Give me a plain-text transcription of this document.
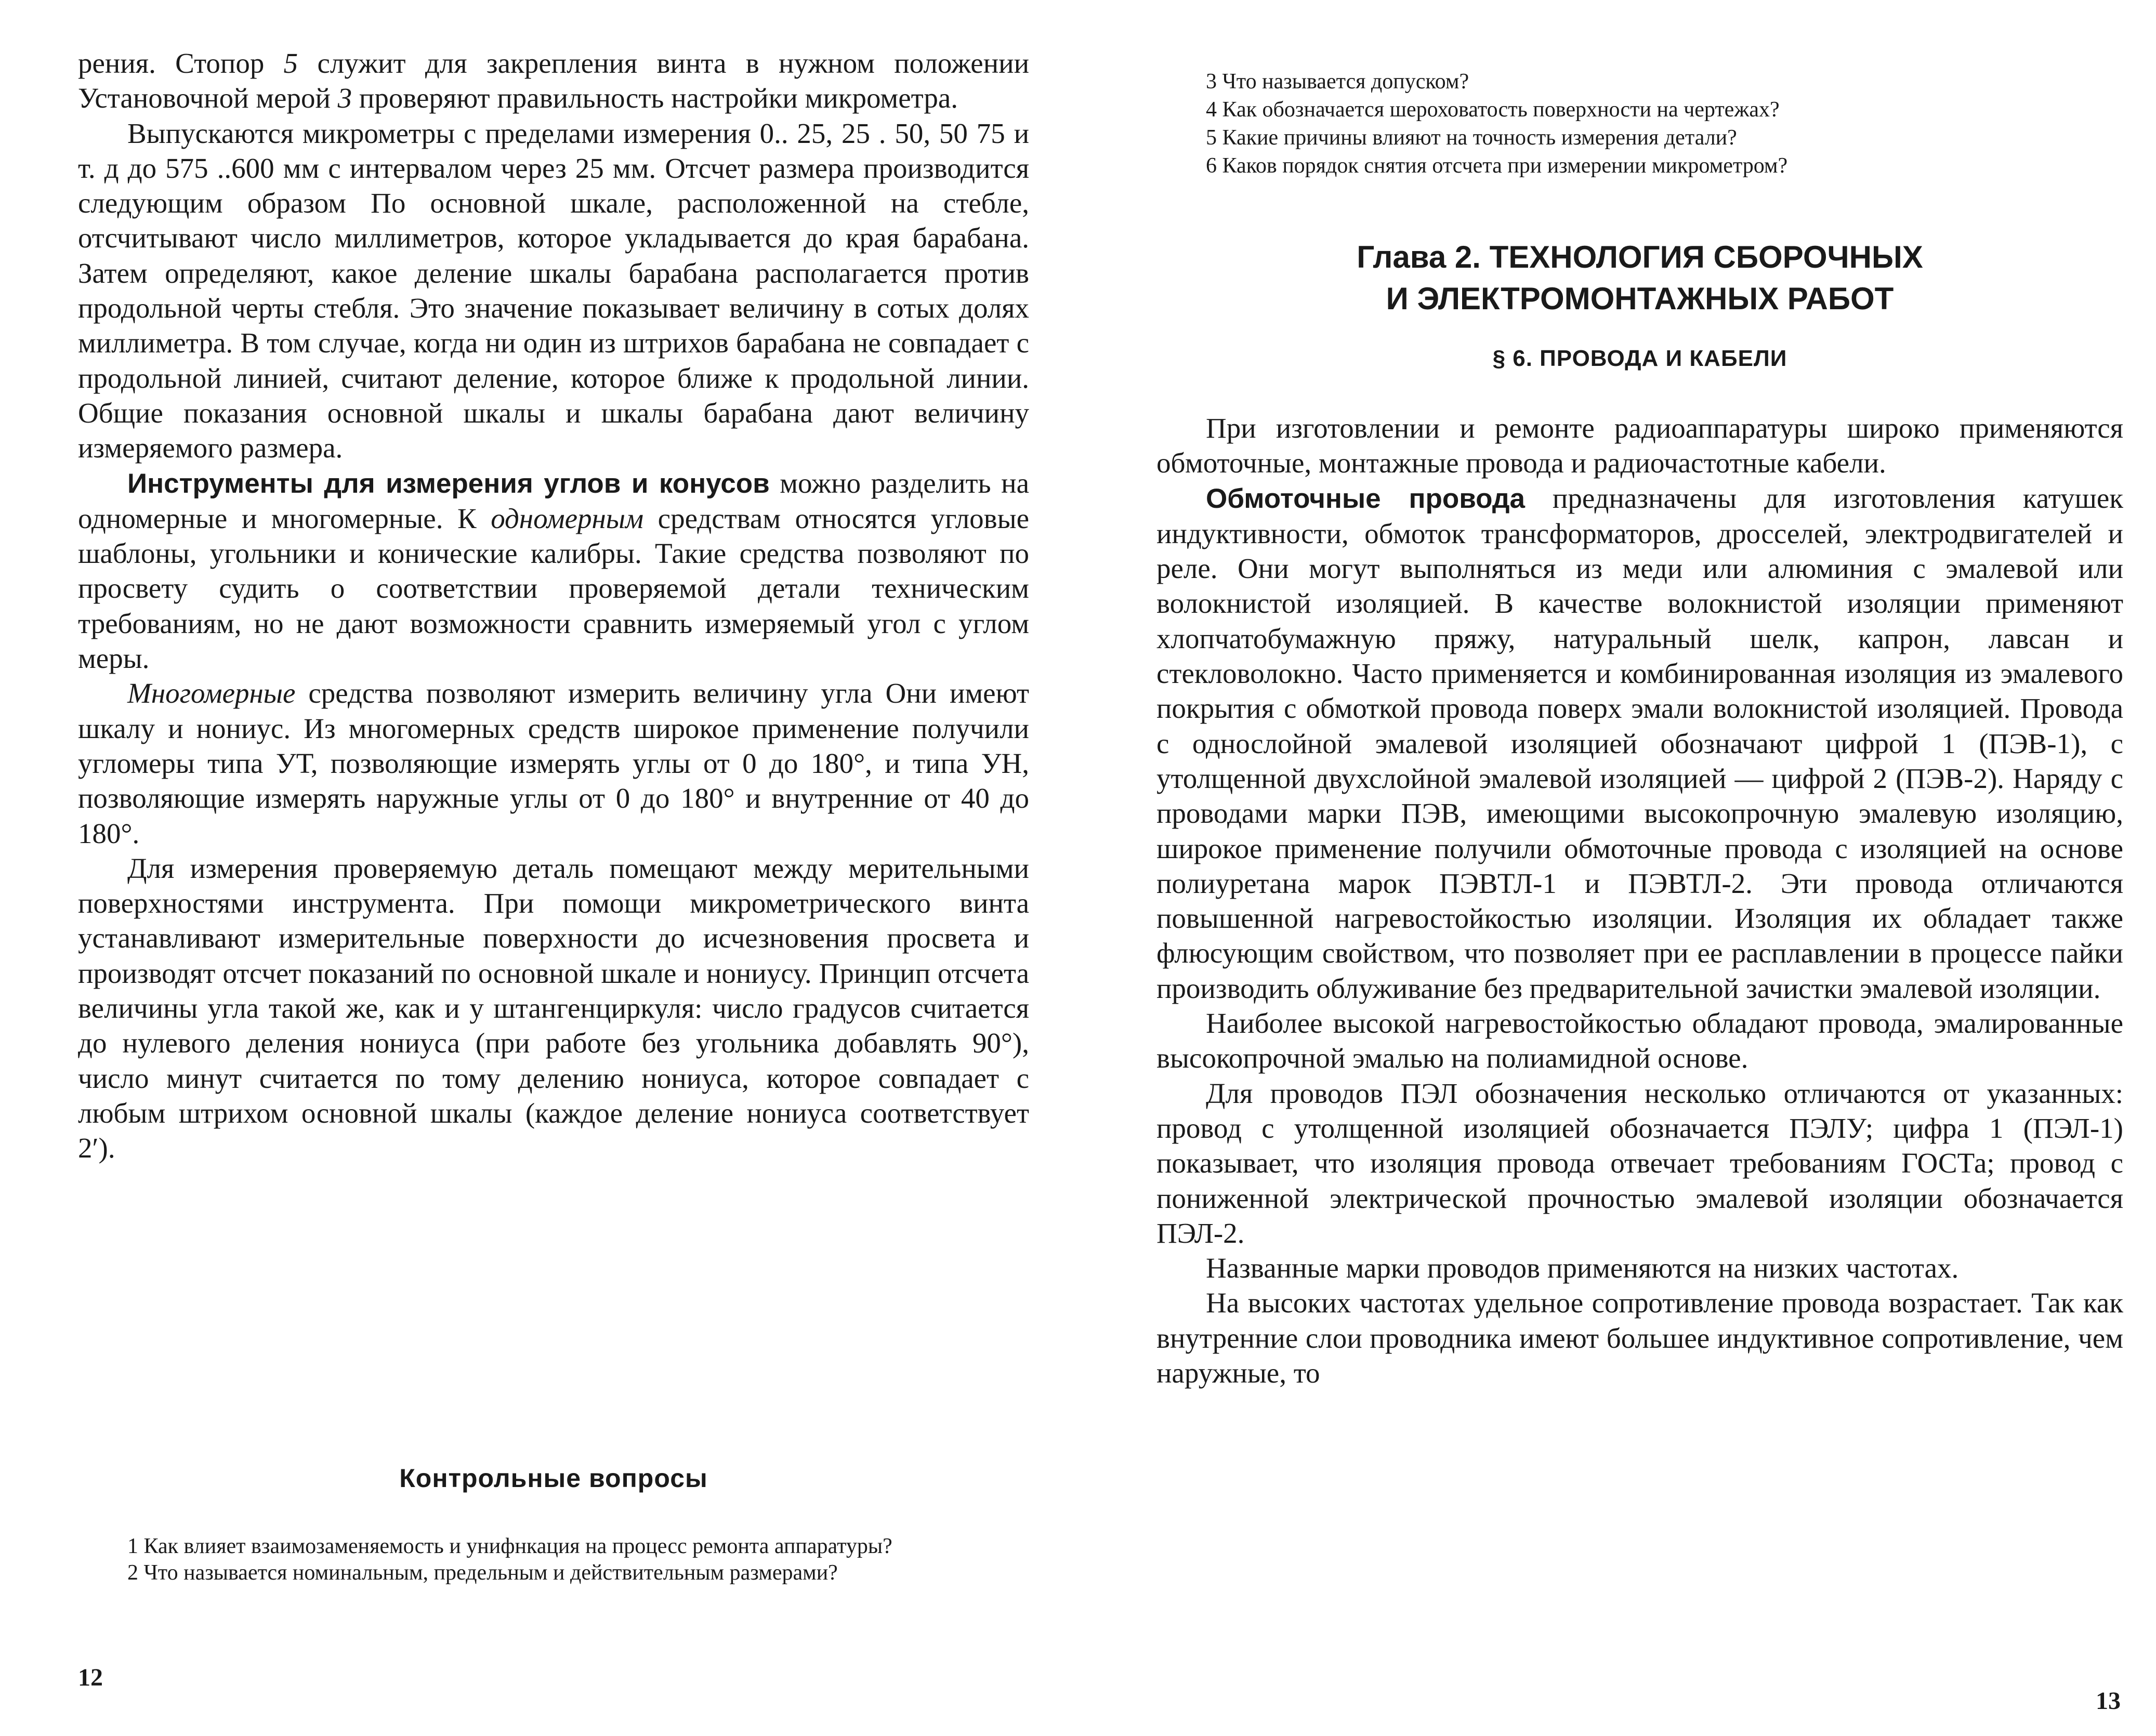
рения. Стопор 5 служит для закрепления винта в нужном положении Установочной мерой 3 проверяют правильность настройки микрометра.

Выпускаются микрометры с пределами измерения 0.. 25, 25 . 50, 50 75 и т. д до 575 ..600 мм с интервалом через 25 мм. Отсчет размера производится следующим образом По основной шкале, расположенной на стебле, отсчитывают число миллиметров, которое укладывается до края барабана. Затем определяют, какое деление шкалы барабана располагается против продольной черты стебля. Это значение показывает величину в сотых долях миллиметра. В том случае, когда ни один из штрихов барабана не совпадает с продольной линией, считают деление, которое ближе к продольной линии. Общие показания основной шкалы и шкалы барабана дают величину измеряемого размера.

Инструменты для измерения углов и конусов можно разделить на одномерные и многомерные. К одномерным средствам относятся угловые шаблоны, угольники и конические калибры. Такие средства позволяют по просвету судить о соответствии проверяемой детали техническим требованиям, но не дают возможности сравнить измеряемый угол с углом меры.

Многомерные средства позволяют измерить величину угла Они имеют шкалу и нониус. Из многомерных средств широкое применение получили угломеры типа УТ, позволяющие измерять углы от 0 до 180°, и типа УН, позволяющие измерять наружные углы от 0 до 180° и внутренние от 40 до 180°.

Для измерения проверяемую деталь помещают между мерительными поверхностями инструмента. При помощи микрометрического винта устанавливают измерительные поверхности до исчезновения просвета и производят отсчет показаний по основной шкале и нониусу. Принцип отсчета величины угла такой же, как и у штангенциркуля: число градусов считается до нулевого деления нониуса (при работе без угольника добавлять 90°), число минут считается по тому делению нониуса, которое совпадает с любым штрихом основной шкалы (каждое деление нониуса соответствует 2′).

Контрольные вопросы

1 Как влияет взаимозаменяемость и унифнкация на процесс ремонта аппаратуры?

2 Что называется номинальным, предельным и действительным размерами?

12

3 Что называется допуском?

4 Как обозначается шероховатость поверхности на чертежах?

5 Какие причины влияют на точность измерения детали?

6 Каков порядок снятия отсчета при измерении микрометром?

Глава 2. ТЕХНОЛОГИЯ СБОРОЧНЫХ
И ЭЛЕКТРОМОНТАЖНЫХ РАБОТ
§ 6. ПРОВОДА И КАБЕЛИ

При изготовлении и ремонте радиоаппаратуры широко применяются обмоточные, монтажные провода и радиочастотные кабели.

Обмоточные провода предназначены для изготовления катушек индуктивности, обмоток трансформаторов, дросселей, электродвигателей и реле. Они могут выполняться из меди или алюминия с эмалевой или волокнистой изоляцией. В качестве волокнистой изоляции применяют хлопчатобумажную пряжу, натуральный шелк, капрон, лавсан и стекловолокно. Часто применяется и комбинированная изоляция из эмалевого покрытия с обмоткой провода поверх эмали волокнистой изоляцией. Провода с однослойной эмалевой изоляцией обозначают цифрой 1 (ПЭВ-1), с утолщенной двухслойной эмалевой изоляцией — цифрой 2 (ПЭВ-2). Наряду с проводами марки ПЭВ, имеющими высокопрочную эмалевую изоляцию, широкое применение получили обмоточные провода с изоляцией на основе полиуретана марок ПЭВТЛ-1 и ПЭВТЛ-2. Эти провода отличаются повышенной нагревостойкостью изоляции. Изоляция их обладает также флюсующим свойством, что позволяет при ее расплавлении в процессе пайки производить облуживание без предварительной зачистки эмалевой изоляции.

Наиболее высокой нагревостойкостью обладают провода, эмалированные высокопрочной эмалью на полиамидной основе.

Для проводов ПЭЛ обозначения несколько отличаются от указанных: провод с утолщенной изоляцией обозначается ПЭЛУ; цифра 1 (ПЭЛ-1) показывает, что изоляция провода отвечает требованиям ГОСТа; провод с пониженной электрической прочностью эмалевой изоляции обозначается ПЭЛ-2.

Названные марки проводов применяются на низких частотах.

На высоких частотах удельное сопротивление провода возрастает. Так как внутренние слои проводника имеют большее индуктивное сопротивление, чем наружные, то

13
